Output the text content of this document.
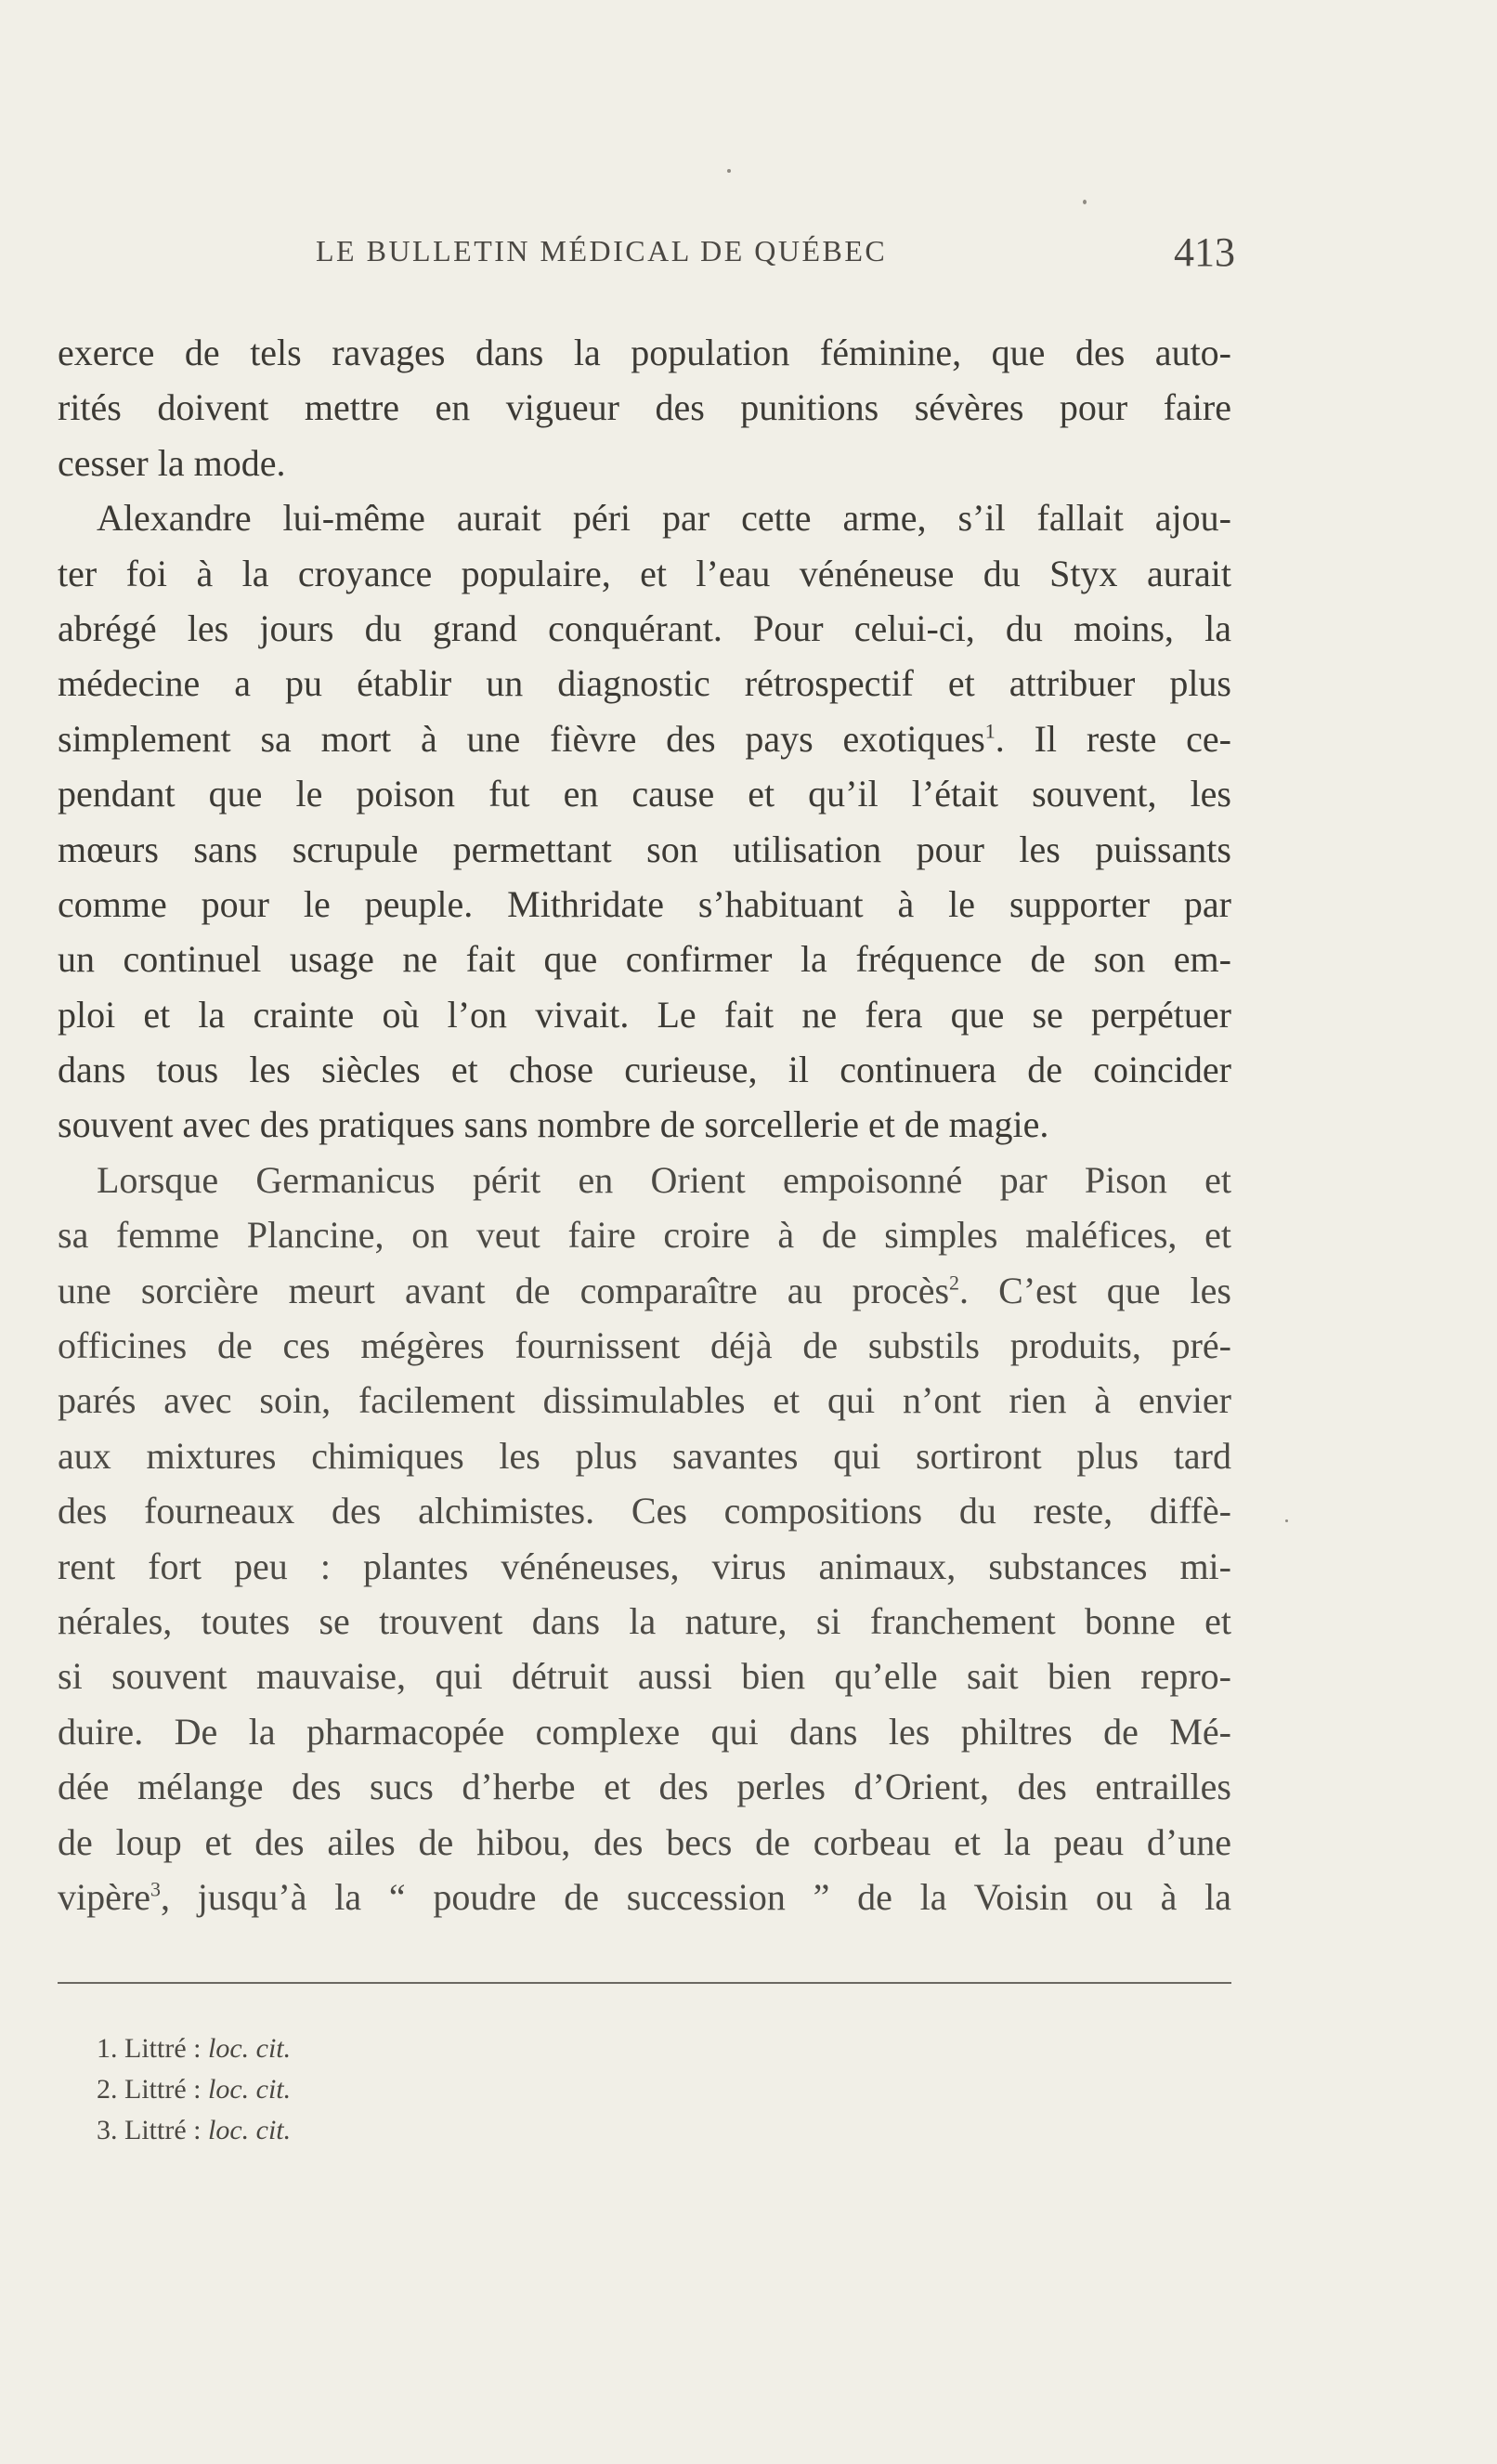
LE BULLETIN MÉDICAL DE QUÉBEC	413
exerce de tels ravages dans la population féminine, que des auto-
rités doivent mettre en vigueur des punitions sévères pour faire
cesser la mode.
Alexandre lui-même aurait péri par cette arme, s’il fallait ajou-
ter foi à la croyance populaire, et l’eau vénéneuse du Styx aurait
abrégé les jours du grand conquérant. Pour celui-ci, du moins, la
médecine a pu établir un diagnostic rétrospectif et attribuer plus
simplement sa mort à une fièvre des pays exotiques$^1$. Il reste ce-
pendant que le poison fut en cause et qu’il l’était souvent, les
mœurs sans scrupule permettant son utilisation pour les puissants
comme pour le peuple. Mithridate s’habituant à le supporter par
un continuel usage ne fait que confirmer la fréquence de son em-
ploi et la crainte où l’on vivait. Le fait ne fera que se perpétuer
dans tous les siècles et chose curieuse, il continuera de coincider
souvent avec des pratiques sans nombre de sorcellerie et de magie.
Lorsque Germanicus périt en Orient empoisonné par Pison et
sa femme Plancine, on veut faire croire à de simples maléfices, et
une sorcière meurt avant de comparaître au procès$^2$. C’est que les
officines de ces mégères fournissent déjà de substils produits, pré-
parés avec soin, facilement dissimulables et qui n’ont rien à envier
aux mixtures chimiques les plus savantes qui sortiront plus tard
des fourneaux des alchimistes. Ces compositions du reste, diffè-
rent fort peu : plantes vénéneuses, virus animaux, substances mi-
nérales, toutes se trouvent dans la nature, si franchement bonne et
si souvent mauvaise, qui détruit aussi bien qu’elle sait bien repro-
duire. De la pharmacopée complexe qui dans les philtres de Mé-
dée mélange des sucs d’herbe et des perles d’Orient, des entrailles
de loup et des ailes de hibou, des becs de corbeau et la peau d’une
vipère$^3$, jusqu’à la “ poudre de succession ” de la Voisin ou à la
1. Littré : loc. cit.
2. Littré : loc. cit.
3. Littré : loc. cit.
